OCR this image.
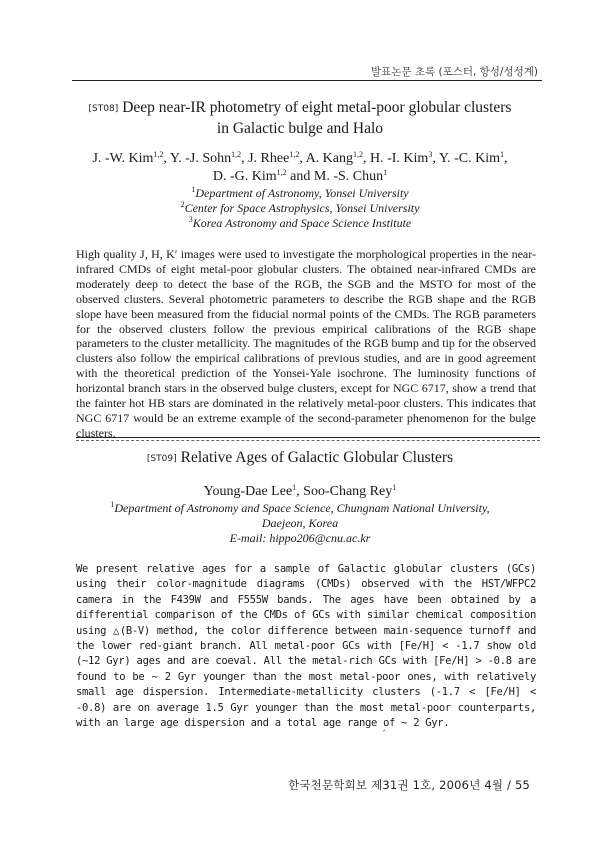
발표논문 초록 (포스터, 항성/성성계)
[ST08] Deep near-IR photometry of eight metal-poor globular clusters
in Galactic bulge and Halo
J. -W. Kim$^{1,2}$, Y. -J. Sohn$^{1,2}$, J. Rhee$^{1,2}$, A. Kang$^{1,2}$, H. -I. Kim$^3$, Y. -C. Kim$^1$,
D. -G. Kim$^{1,2}$ and M. -S. Chun$^1$
$^1$Department of Astronomy, Yonsei University
$^2$Center for Space Astrophysics, Yonsei University
$^3$Korea Astronomy and Space Science Institute

High quality J, H, K′ images were used to investigate the morphological properties in the near-infrared CMDs of eight metal-poor globular clusters. The obtained near-infrared CMDs are moderately deep to detect the base of the RGB, the SGB and the MSTO for most of the observed clusters. Several photometric parameters to describe the RGB shape and the RGB slope have been measured from the fiducial normal points of the CMDs. The RGB parameters for the observed clusters follow the previous empirical calibrations of the RGB shape parameters to the cluster metallicity. The magnitudes of the RGB bump and tip for the observed clusters also follow the empirical calibrations of previous studies, and are in good agreement with the theoretical prediction of the Yonsei-Yale isochrone. The luminosity functions of horizontal branch stars in the observed bulge clusters, except for NGC 6717, show a trend that the fainter hot HB stars are dominated in the relatively metal-poor clusters. This indicates that NGC 6717 would be an extreme example of the second-parameter phenomenon for the bulge clusters.

[ST09] Relative Ages of Galactic Globular Clusters
Young-Dae Lee$^1$, Soo-Chang Rey$^1$
$^1$Department of Astronomy and Space Science, Chungnam National University,
Daejeon, Korea
E-mail: hippo206@cnu.ac.kr

We present relative ages for a sample of Galactic globular clusters (GCs) using their color-magnitude diagrams (CMDs) observed with the HST/WFPC2 camera in the F439W and F555W bands. The ages have been obtained by a differential comparison of the CMDs of GCs with similar chemical composition using △(B-V) method, the color difference between main-sequence turnoff and the lower red-giant branch. All metal-poor GCs with [Fe/H] < -1.7 show old (~12 Gyr) ages and are coeval. All the metal-rich GCs with [Fe/H] > -0.8 are found to be ~ 2 Gyr younger than the most metal-poor ones, with relatively small age dispersion. Intermediate-metallicity clusters (-1.7 < [Fe/H] < -0.8) are on average 1.5 Gyr younger than the most metal-poor counterparts, with an large age dispersion and a total age range of ~ 2 Gyr.

ˊ
한국천문학회보 제31권 1호, 2006년 4월 / 55
